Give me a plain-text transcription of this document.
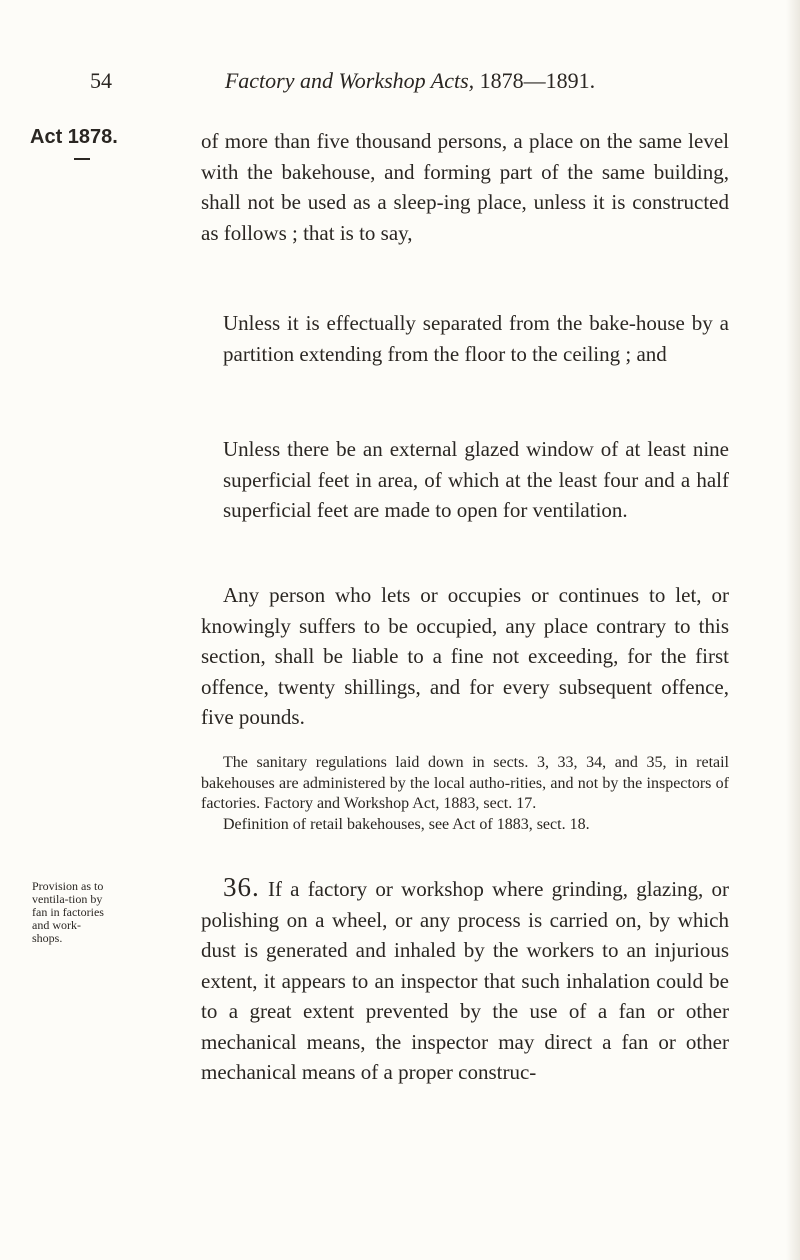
54	Factory and Workshop Acts, 1878—1891.
Act 1878.	of more than five thousand persons, a place on the same level with the bakehouse, and forming part of the same building, shall not be used as a sleep-ing place, unless it is constructed as follows ; that is to say,

Unless it is effectually separated from the bake-house by a partition extending from the floor to the ceiling ; and

Unless there be an external glazed window of at least nine superficial feet in area, of which at the least four and a half superficial feet are made to open for ventilation.

Any person who lets or occupies or continues to let, or knowingly suffers to be occupied, any place contrary to this section, shall be liable to a fine not exceeding, for the first offence, twenty shillings, and for every subsequent offence, five pounds.

The sanitary regulations laid down in sects. 3, 33, 34, and 35, in retail bakehouses are administered by the local autho-rities, and not by the inspectors of factories. Factory and Workshop Act, 1883, sect. 17.

Definition of retail bakehouses, see Act of 1883, sect. 18.

Provision as to ventila-tion by fan in factories and work-shops.

36. If a factory or workshop where grinding, glazing, or polishing on a wheel, or any process is carried on, by which dust is generated and inhaled by the workers to an injurious extent, it appears to an inspector that such inhalation could be to a great extent prevented by the use of a fan or other mechanical means, the inspector may direct a fan or other mechanical means of a proper construc-
